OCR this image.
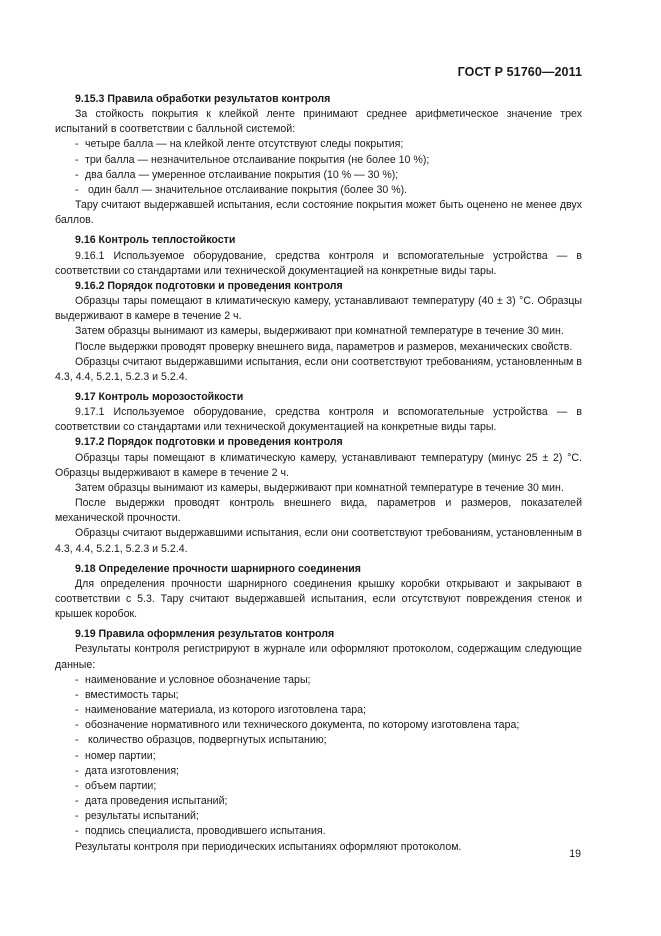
ГОСТ Р 51760—2011
9.15.3 Правила обработки результатов контроля
За стойкость покрытия к клейкой ленте принимают среднее арифметическое значение трех испытаний в соответствии с балльной системой:
- четыре балла — на клейкой ленте отсутствуют следы покрытия;
- три балла — незначительное отслаивание покрытия (не более 10 %);
- два балла — умеренное отслаивание покрытия (10 % — 30 %);
- один балл — значительное отслаивание покрытия (более 30 %).
Тару считают выдержавшей испытания, если состояние покрытия может быть оценено не менее двух баллов.
9.16 Контроль теплостойкости
9.16.1 Используемое оборудование, средства контроля и вспомогательные устройства — в соответствии со стандартами или технической документацией на конкретные виды тары.
9.16.2 Порядок подготовки и проведения контроля
Образцы тары помещают в климатическую камеру, устанавливают температуру (40 ± 3) °С. Образцы выдерживают в камере в течение 2 ч.
Затем образцы вынимают из камеры, выдерживают при комнатной температуре в течение 30 мин.
После выдержки проводят проверку внешнего вида, параметров и размеров, механических свойств.
Образцы считают выдержавшими испытания, если они соответствуют требованиям, установленным в 4.3, 4.4, 5.2.1, 5.2.3 и 5.2.4.
9.17 Контроль морозостойкости
9.17.1 Используемое оборудование, средства контроля и вспомогательные устройства — в соответствии со стандартами или технической документацией на конкретные виды тары.
9.17.2 Порядок подготовки и проведения контроля
Образцы тары помещают в климатическую камеру, устанавливают температуру (минус 25 ± 2) °С. Образцы выдерживают в камере в течение 2 ч.
Затем образцы вынимают из камеры, выдерживают при комнатной температуре в течение 30 мин.
После выдержки проводят контроль внешнего вида, параметров и размеров, показателей механической прочности.
Образцы считают выдержавшими испытания, если они соответствуют требованиям, установленным в 4.3, 4.4, 5.2.1, 5.2.3 и 5.2.4.
9.18 Определение прочности шарнирного соединения
Для определения прочности шарнирного соединения крышку коробки открывают и закрывают в соответствии с 5.3. Тару считают выдержавшей испытания, если отсутствуют повреждения стенок и крышек коробок.
9.19 Правила оформления результатов контроля
Результаты контроля регистрируют в журнале или оформляют протоколом, содержащим следующие данные:
- наименование и условное обозначение тары;
- вместимость тары;
- наименование материала, из которого изготовлена тара;
- обозначение нормативного или технического документа, по которому изготовлена тара;
- количество образцов, подвергнутых испытанию;
- номер партии;
- дата изготовления;
- объем партии;
- дата проведения испытаний;
- результаты испытаний;
- подпись специалиста, проводившего испытания.
Результаты контроля при периодических испытаниях оформляют протоколом.
19
